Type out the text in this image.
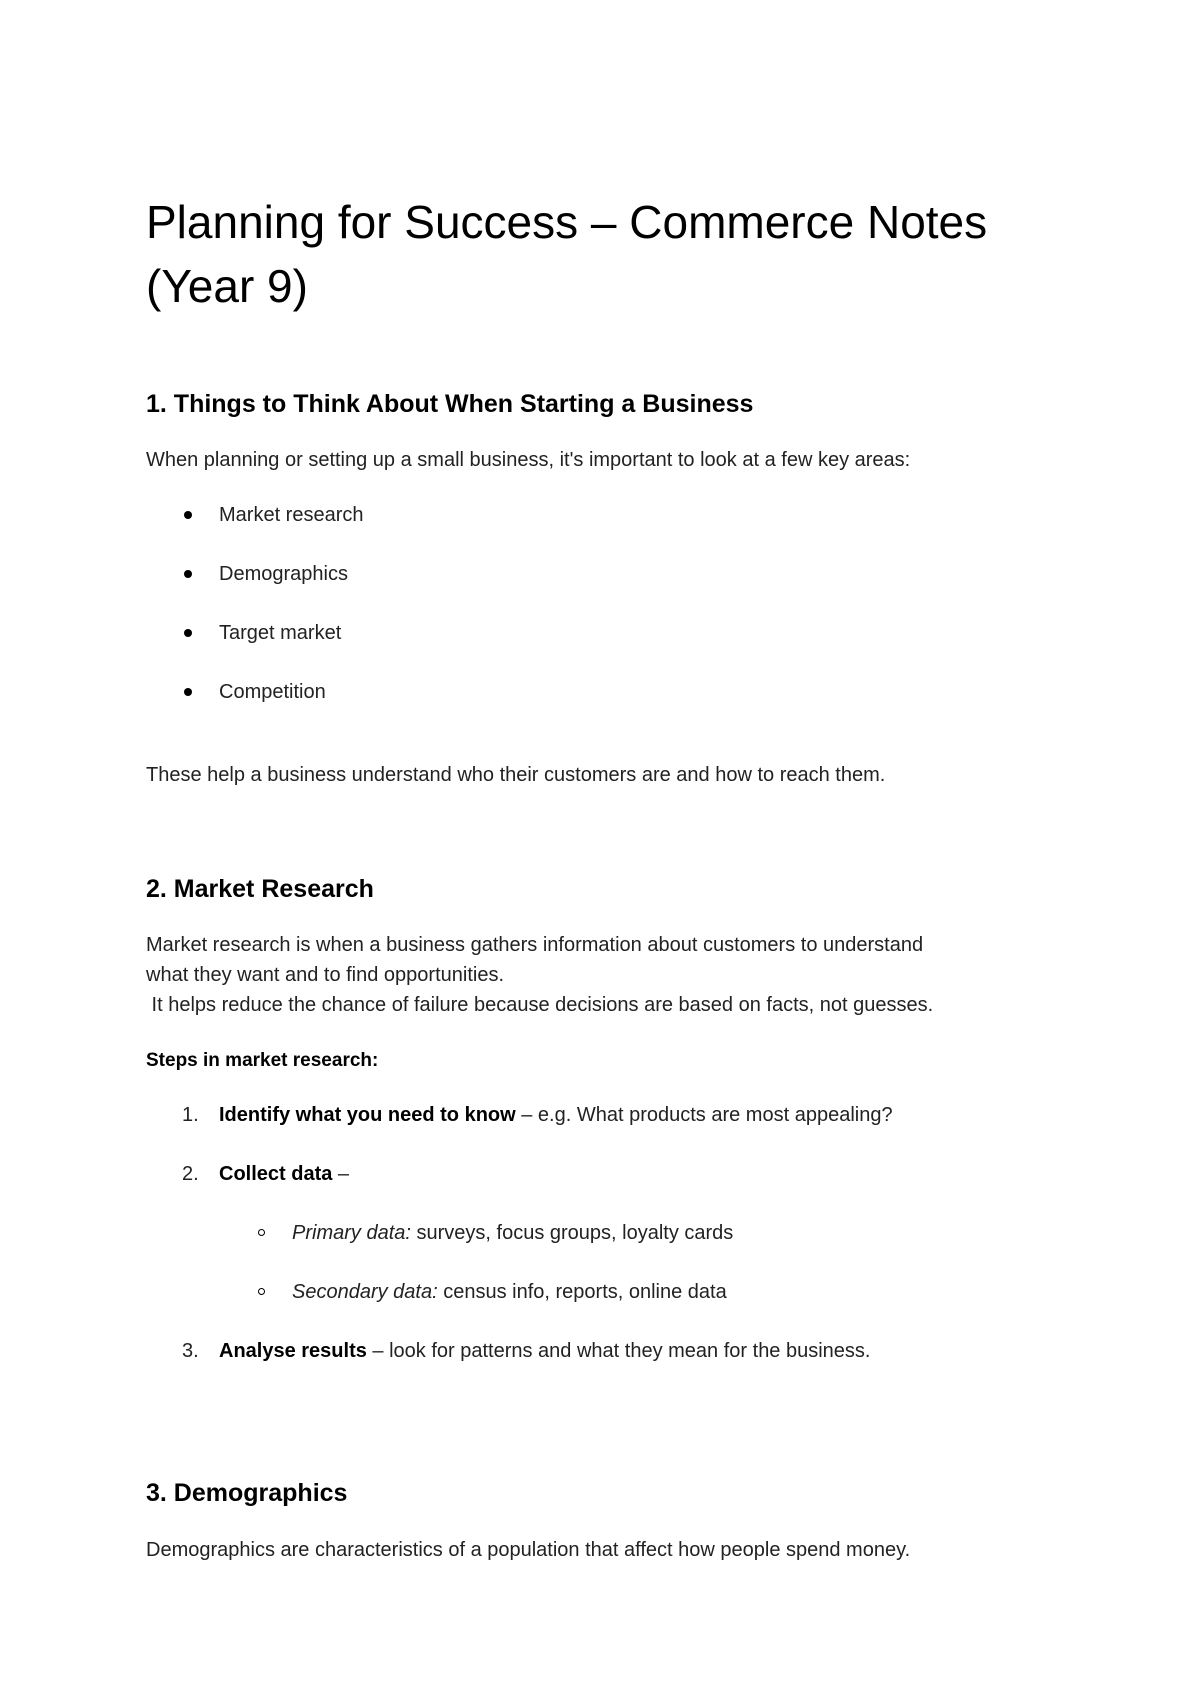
Planning for Success – Commerce Notes (Year 9)
1. Things to Think About When Starting a Business

When planning or setting up a small business, it's important to look at a few key areas:

Market research
Demographics
Target market
Competition

These help a business understand who their customers are and how to reach them.

2. Market Research

Market research is when a business gathers information about customers to understand

what they want and to find opportunities.

It helps reduce the chance of failure because decisions are based on facts, not guesses.

Steps in market research:

1.	Identify what you need to know – e.g. What products are most appealing?
2.	Collect data –
Primary data: surveys, focus groups, loyalty cards
Secondary data: census info, reports, online data
3.	Analyse results – look for patterns and what they mean for the business.
3. Demographics

Demographics are characteristics of a population that affect how people spend money.
